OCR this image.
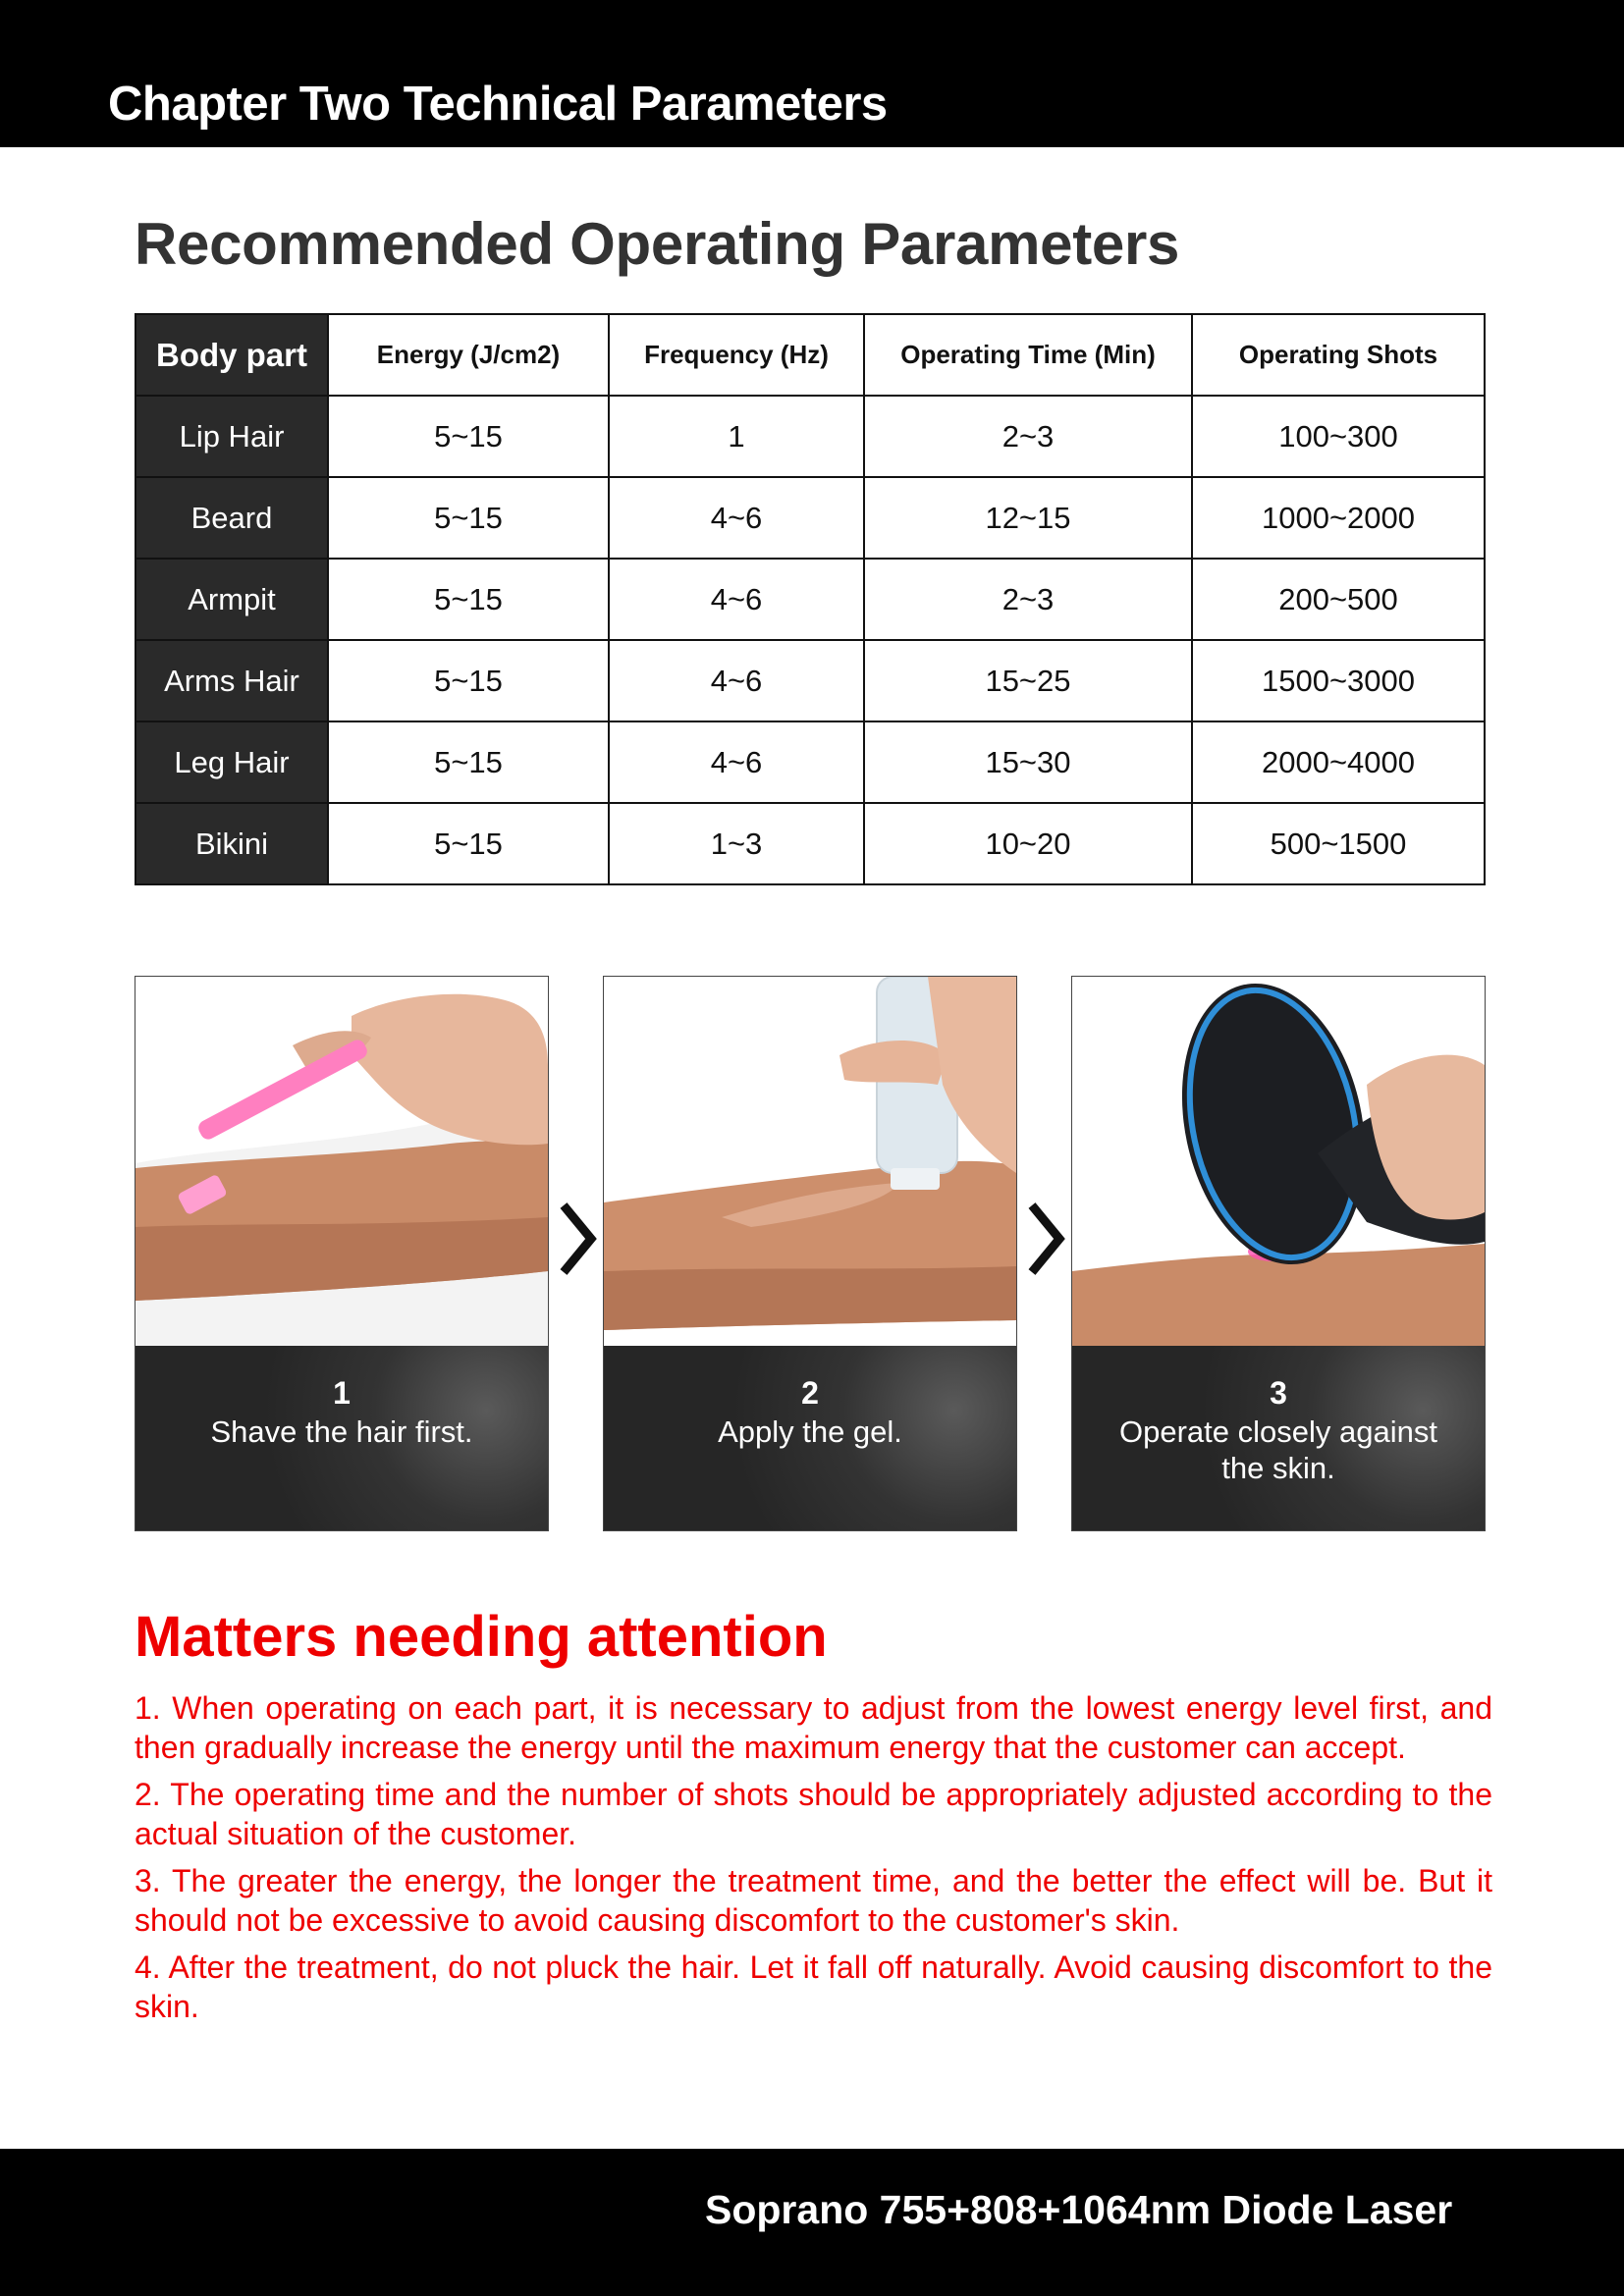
Chapter Two Technical Parameters
Recommended Operating Parameters
Body part	Energy (J/cm2)	Frequency (Hz)	Operating Time (Min)	Operating Shots
Lip Hair	5~15	1	2~3	100~300
Beard	5~15	4~6	12~15	1000~2000
Armpit	5~15	4~6	2~3	200~500
Arms Hair	5~15	4~6	15~25	1500~3000
Leg Hair	5~15	4~6	15~30	2000~4000
Bikini	5~15	1~3	10~20	500~1500
1
Shave the hair first.
2
Apply the gel.
3
Operate closely against the skin.
Matters needing attention

1. When operating on each part, it is necessary to adjust from the lowest energy level first, and then gradually increase the energy until the maximum energy that the customer can accept.

2. The operating time and the number of shots should be appropriately adjusted according to the actual situation of the customer.

3. The greater the energy, the longer the treatment time, and the better the effect will be. But it should not be excessive to avoid causing discomfort to the customer's skin.

4. After the treatment, do not pluck the hair. Let it fall off naturally. Avoid causing discomfort to the skin.

Soprano 755+808+1064nm Diode Laser
